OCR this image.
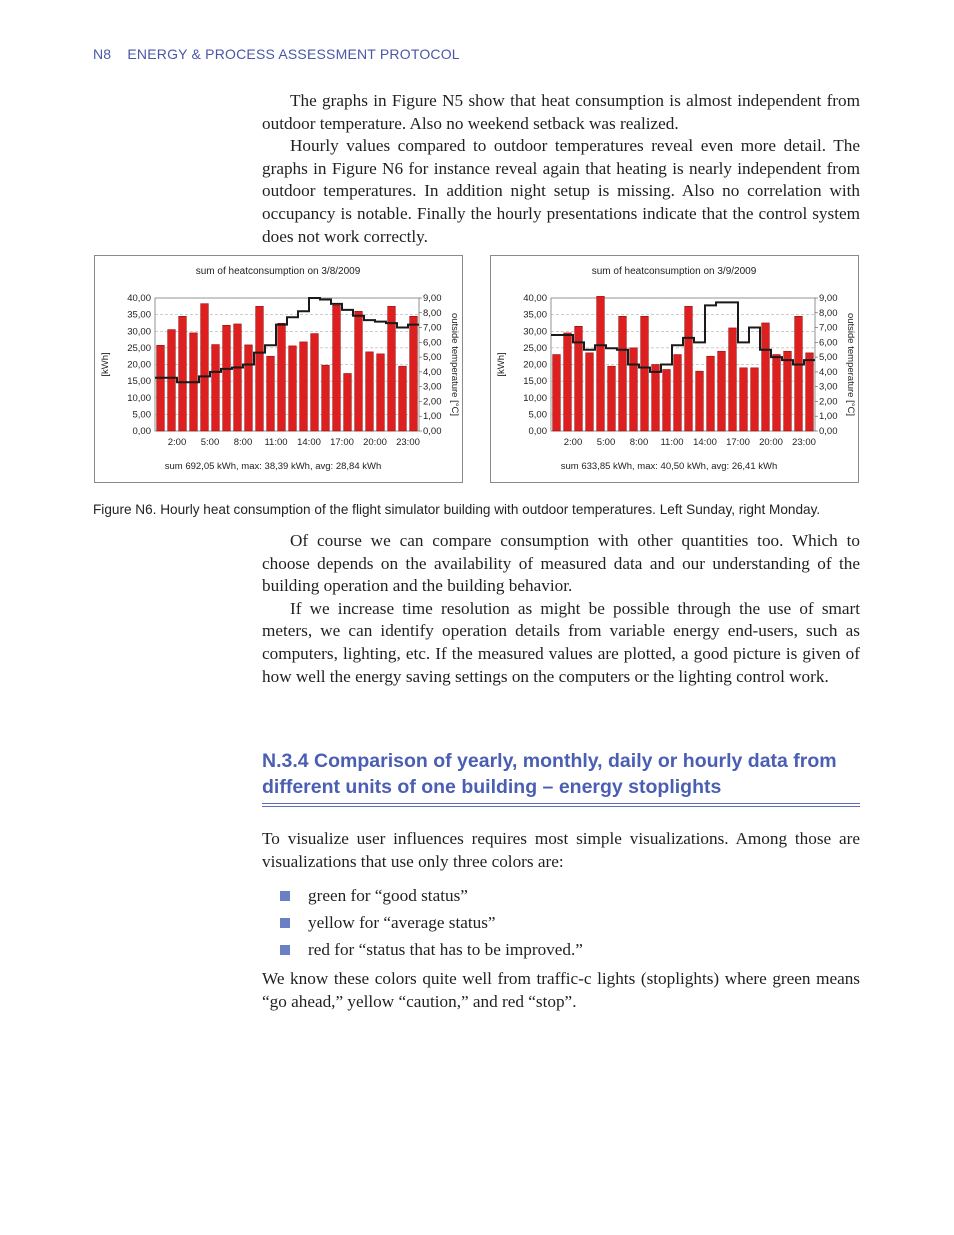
N8 ENERGY & PROCESS ASSESSMENT PROTOCOL

The graphs in Figure N5 show that heat consumption is almost independent from outdoor temperature. Also no weekend setback was realized.

Hourly values compared to outdoor temperatures reveal even more detail. The graphs in Figure N6 for instance reveal again that heating is nearly independent from outdoor temperatures. In addition night setup is missing. Also no correlation with occupancy is notable. Finally the hourly presentations indicate that the control system does not work correctly.

sum of heatconsumption on 3/8/2009
0,00
5,00
10,00
15,00
20,00
25,00
30,00
35,00
40,00
0,00
1,00
2,00
3,00
4,00
5,00
6,00
7,00
8,00
9,00
2:00 5:00 8:00 11:00 14:00 17:00 20:00 23:00
[kWh]	outside temperature [°C]
sum 692,05 kWh, max: 38,39 kWh, avg: 28,84 kWh
sum of heatconsumption on 3/9/2009
0,00
5,00
10,00
15,00
20,00
25,00
30,00
35,00
40,00
0,00
1,00
2,00
3,00
4,00
5,00
6,00
7,00
8,00
9,00
2:00 5:00 8:00 11:00 14:00 17:00 20:00 23:00
[kWh]	outside temperature [°C]
sum 633,85 kWh, max: 40,50 kWh, avg: 26,41 kWh
Figure N6. Hourly heat consumption of the flight simulator building with outdoor temperatures. Left Sunday, right Monday.

Of course we can compare consumption with other quantities too. Which to choose depends on the availability of measured data and our understanding of the building operation and the building behavior.

If we increase time resolution as might be possible through the use of smart meters, we can identify operation details from variable energy end-users, such as computers, lighting, etc. If the measured values are plotted, a good picture is given of how well the energy saving settings on the computers or the lighting control work.

N.3.4 Comparison of yearly, monthly, daily or hourly data from different units of one building – energy stoplights

To visualize user influences requires most simple visualizations. Among those are visualizations that use only three colors are:

green for “good status”
yellow for “average status”
red for “status that has to be improved.”

We know these colors quite well from traffic-c lights (stoplights) where green means “go ahead,” yellow “caution,” and red “stop”.
